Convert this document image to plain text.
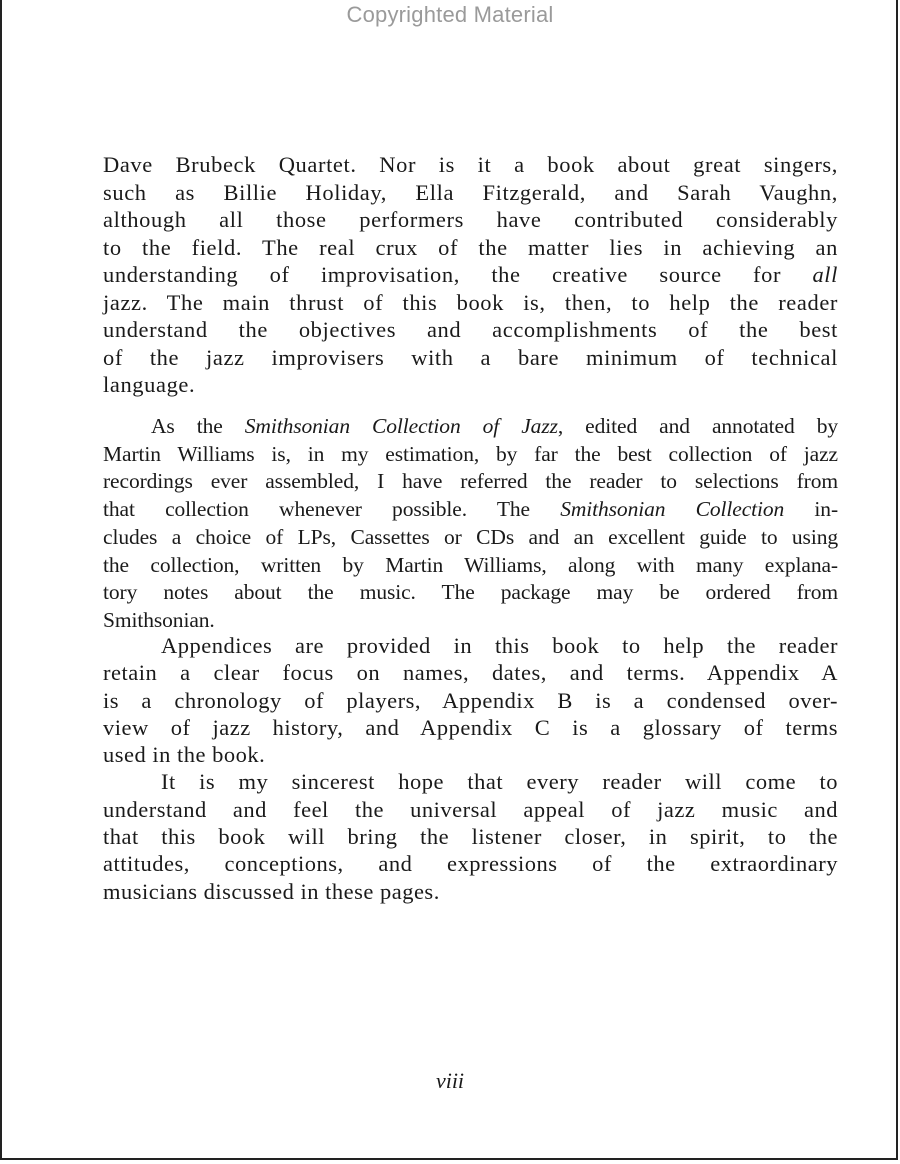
Copyrighted Material
Dave Brubeck Quartet. Nor is it a book about great singers,
such as Billie Holiday, Ella Fitzgerald, and Sarah Vaughn,
although all those performers have contributed considerably
to the field. The real crux of the matter lies in achieving an
understanding of improvisation, the creative source for all
jazz. The main thrust of this book is, then, to help the reader
understand the objectives and accomplishments of the best
of the jazz improvisers with a bare minimum of technical
language.
As the Smithsonian Collection of Jazz, edited and annotated by
Martin Williams is, in my estimation, by far the best collection of jazz
recordings ever assembled, I have referred the reader to selections from
that collection whenever possible. The Smithsonian Collection in-
cludes a choice of LPs, Cassettes or CDs and an excellent guide to using
the collection, written by Martin Williams, along with many explana-
tory notes about the music. The package may be ordered from
Smithsonian.
Appendices are provided in this book to help the reader
retain a clear focus on names, dates, and terms. Appendix A
is a chronology of players, Appendix B is a condensed over-
view of jazz history, and Appendix C is a glossary of terms
used in the book.
It is my sincerest hope that every reader will come to
understand and feel the universal appeal of jazz music and
that this book will bring the listener closer, in spirit, to the
attitudes, conceptions, and expressions of the extraordinary
musicians discussed in these pages.
viii
